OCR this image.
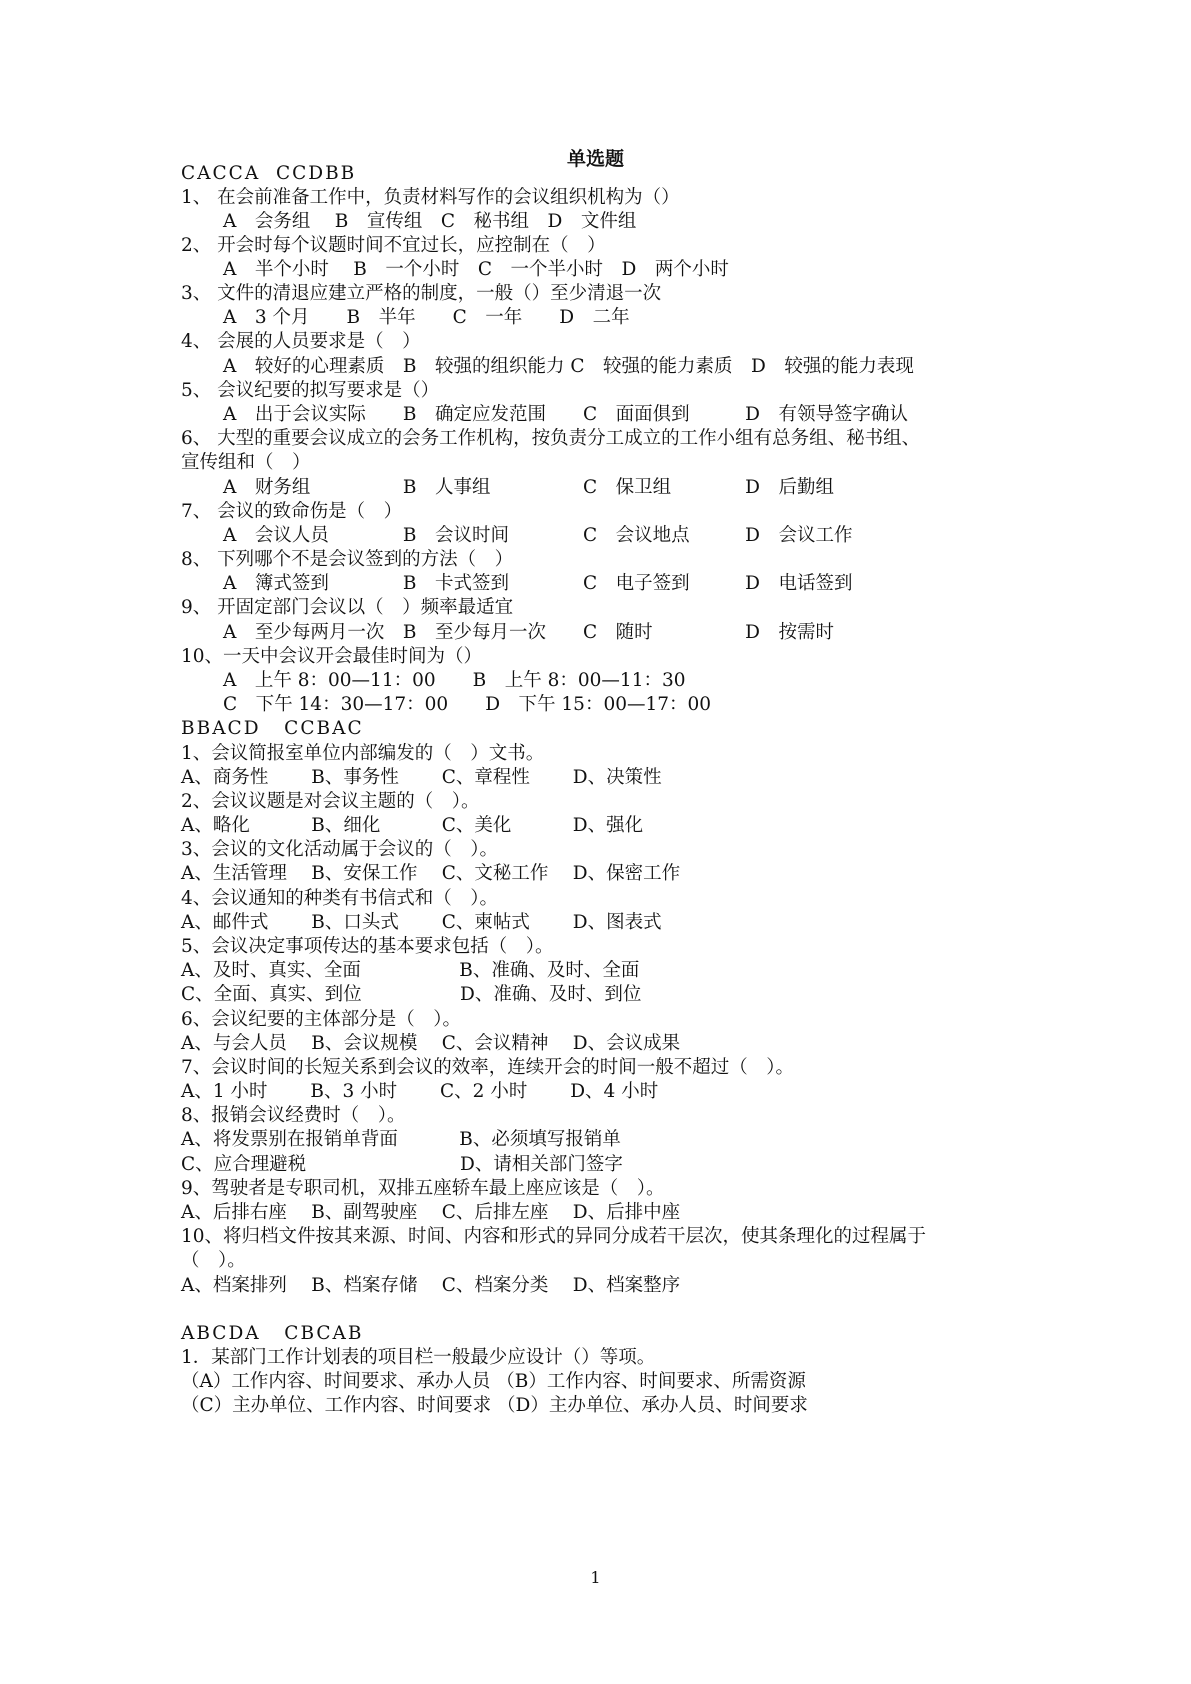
单选题
CACCA  CCDBB
1、 在会前准备工作中，负责材料写作的会议组织机构为（）
A　会务组　 B　宣传组　C　秘书组　D　文件组
2、 开会时每个议题时间不宜过长，应控制在（　）
A　半个小时　 B　一个小时　C　一个半小时　D　两个小时
3、 文件的清退应建立严格的制度，一般（）至少清退一次
A　3 个月　　B　半年　　C　一年　　D　二年
4、 会展的人员要求是（　）
A　较好的心理素质　B　较强的组织能力 C　较强的能力素质　D　较强的能力表现
5、 会议纪要的拟写要求是（）
A　出于会议实际　　B　确定应发范围　　C　面面俱到　　　D　有领导签字确认
6、 大型的重要会议成立的会务工作机构，按负责分工成立的工作小组有总务组、秘书组、
宣传组和（　）
A　财务组　　　　　B　人事组　　　　　C　保卫组　　　　D　后勤组
7、 会议的致命伤是（　）
A　会议人员　　　　B　会议时间　　　　C　会议地点　　　D　会议工作
8、 下列哪个不是会议签到的方法（　）
A　簿式签到　　　　B　卡式签到　　　　C　电子签到　　　D　电话签到
9、 开固定部门会议以（　）频率最适宜
A　至少每两月一次　B　至少每月一次　　C　随时　　　　　D　按需时
10、一天中会议开会最佳时间为（）
A　上午 8：00—11：00　　B　上午 8：00—11：30
C　下午 14：30—17：00　　D　下午 15：00—17：00
BBACD   CCBAC
1、会议简报室单位内部编发的（　）文书。
A、商务性　　 B、事务性　　 C、章程性　　 D、决策性
2、会议议题是对会议主题的（　）。
A、略化　　　 B、细化　　　 C、美化　　　 D、强化
3、会议的文化活动属于会议的（　）。
A、生活管理　 B、安保工作　 C、文秘工作　 D、保密工作
4、会议通知的种类有书信式和（　）。
A、邮件式　　 B、口头式　　 C、柬帖式　　 D、图表式
5、会议决定事项传达的基本要求包括（　）。
A、及时、真实、全面　　　　　 B、准确、及时、全面
C、全面、真实、到位　　　　　 D、准确、及时、到位
6、会议纪要的主体部分是（　）。
A、与会人员　 B、会议规模　 C、会议精神　 D、会议成果
7、会议时间的长短关系到会议的效率，连续开会的时间一般不超过（　）。
A、1 小时　　 B、3 小时　　 C、2 小时　　 D、4 小时
8、报销会议经费时（　）。
A、将发票别在报销单背面　　　 B、必须填写报销单
C、应合理避税　　　　　　　　 D、请相关部门签字
9、驾驶者是专职司机，双排五座轿车最上座应该是（　）。
A、后排右座　 B、副驾驶座　 C、后排左座　 D、后排中座
10、将归档文件按其来源、时间、内容和形式的异同分成若干层次，使其条理化的过程属于
（　）。
A、档案排列　 B、档案存储　 C、档案分类　 D、档案整序
ABCDA   CBCAB
1．某部门工作计划表的项目栏一般最少应设计（）等项。
（A）工作内容、时间要求、承办人员 （B）工作内容、时间要求、所需资源
（C）主办单位、工作内容、时间要求 （D）主办单位、承办人员、时间要求
1
